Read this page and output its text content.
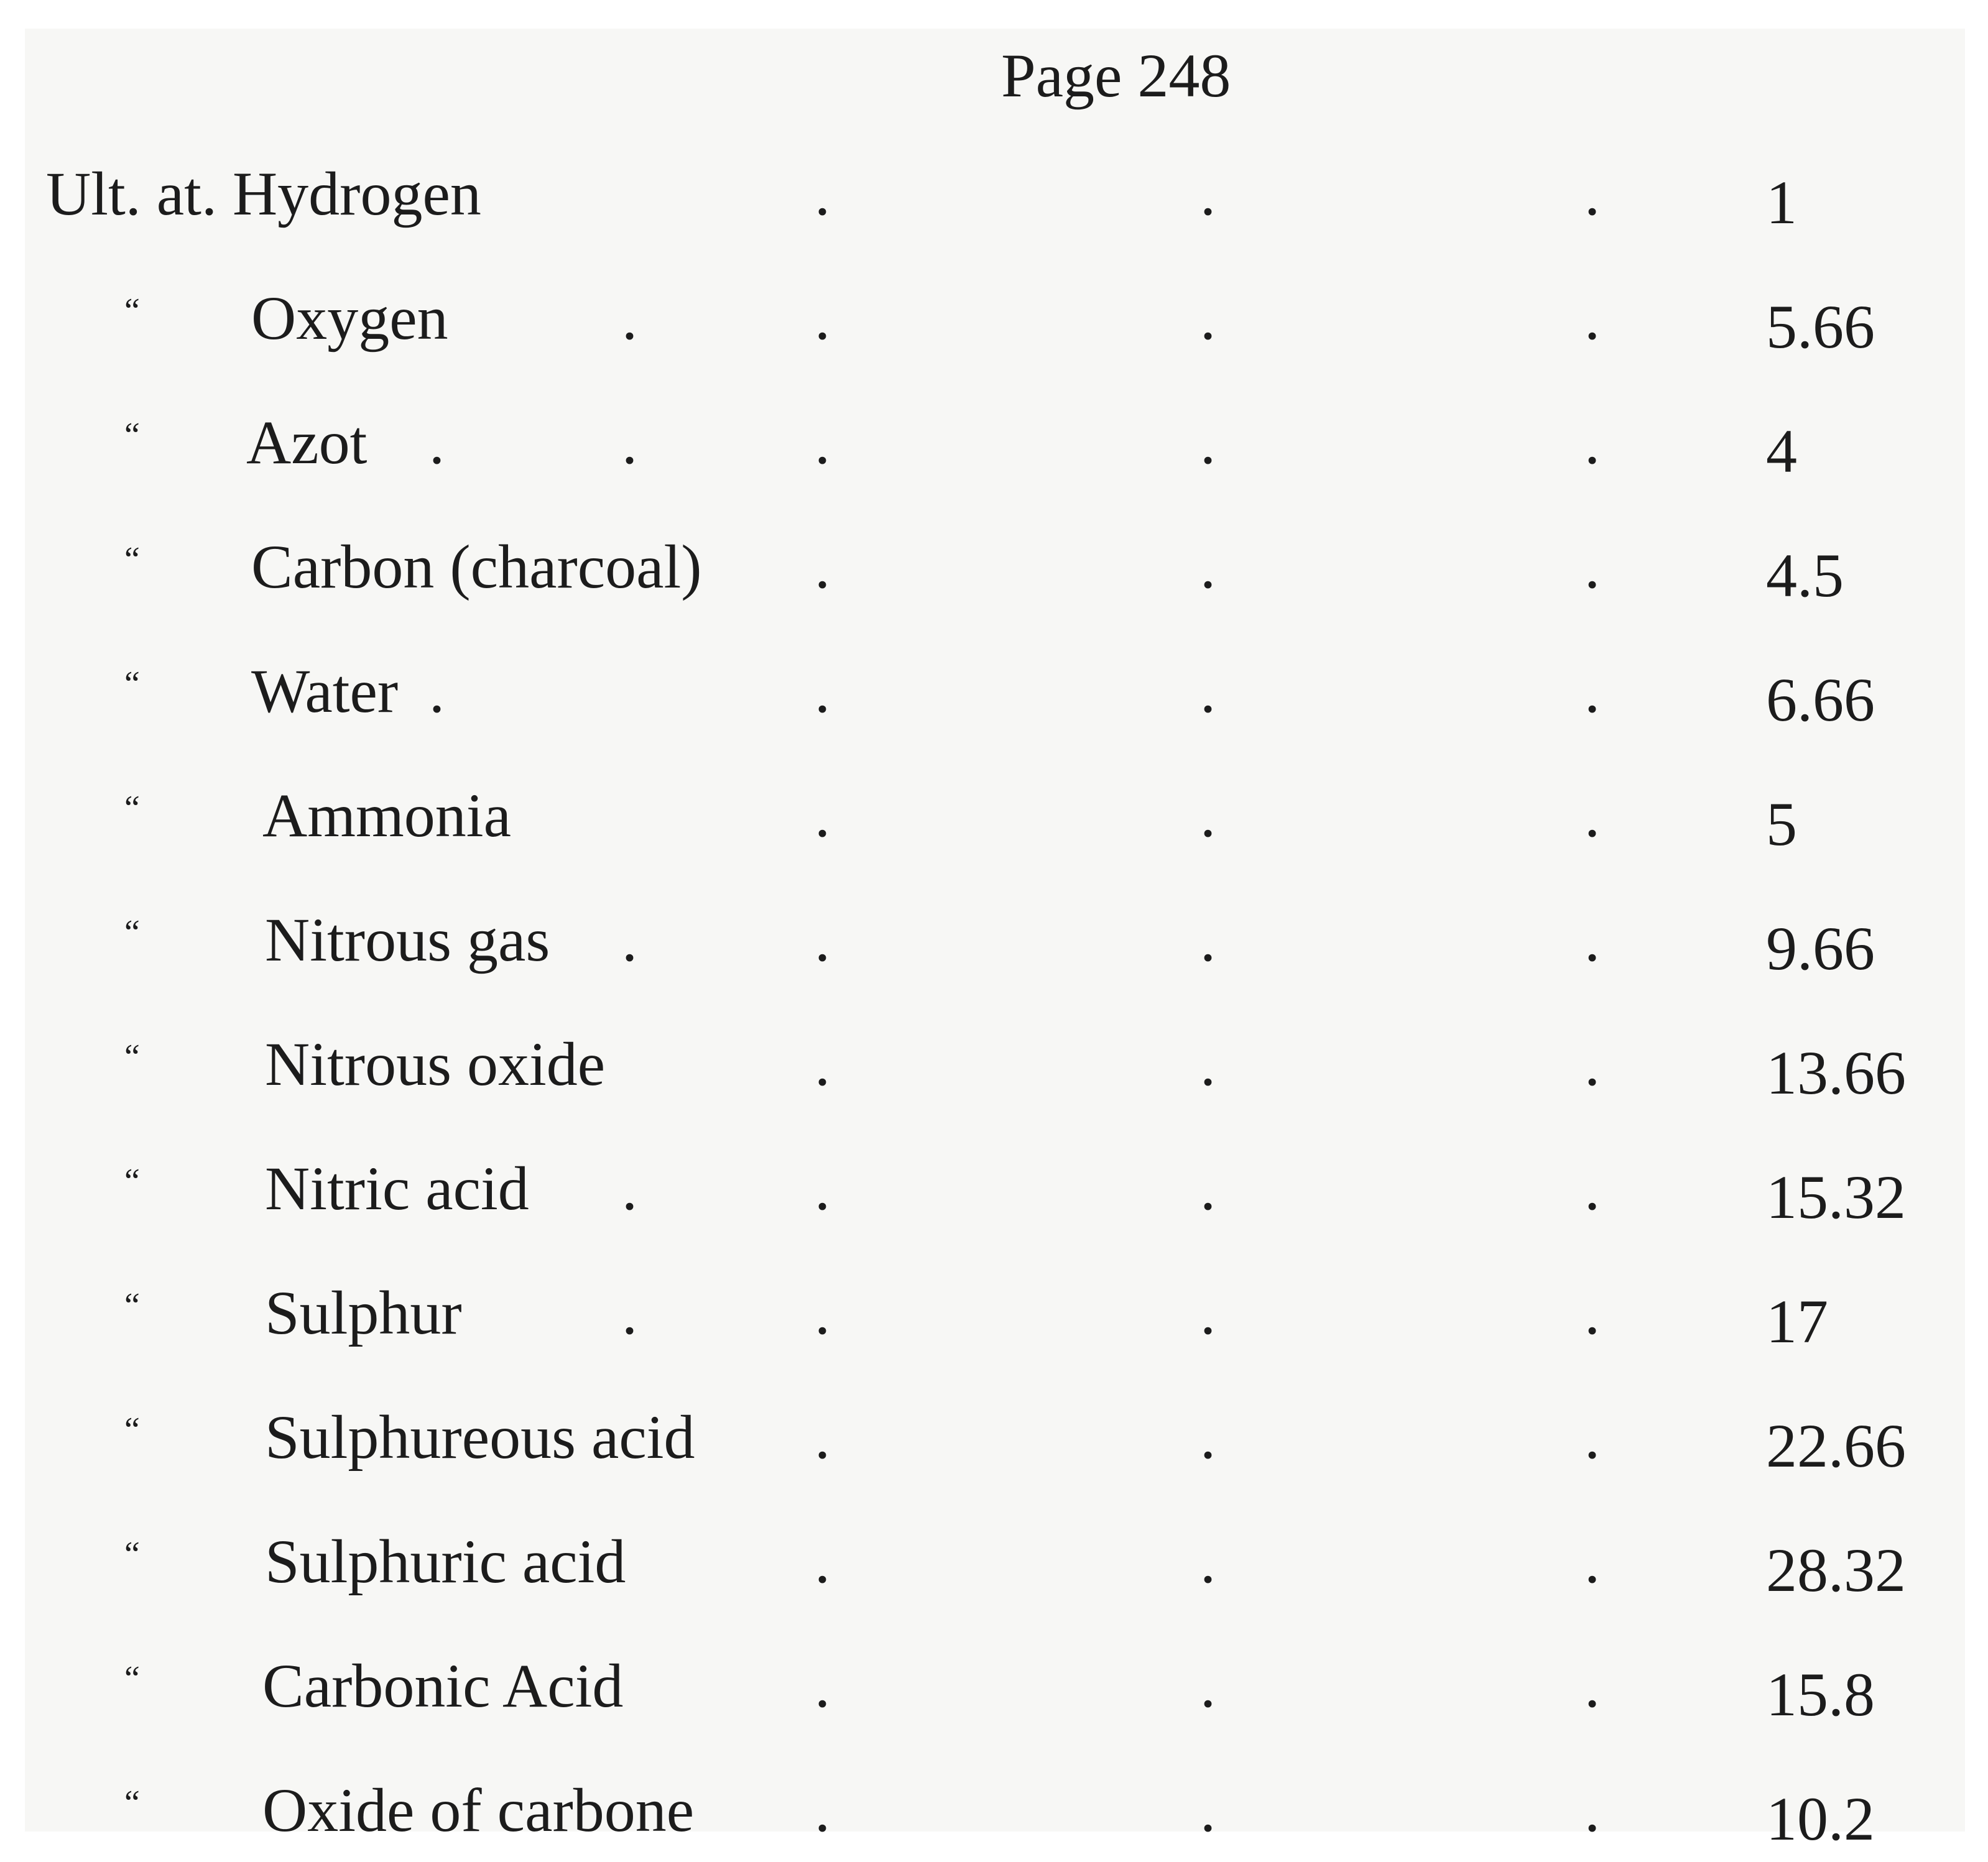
Page 248
Ult. at. Hydrogen	.	.	.	1
“ Oxygen	.	.	.	.	5.66
“ Azot .	.	.	.	.	4
“ Carbon (charcoal) .	.	.	4.5
“ Water .	.	.	.	6.66
“ Ammonia	.	.	.	5
“ Nitrous gas .	.	.	.	9.66
“ Nitrous oxide	.	.	.	13.66
“ Nitric acid .	.	.	.	15.32
“ Sulphur	.	.	.	.	17
“ Sulphureous acid .	.	.	22.66
“ Sulphuric acid	.	.	.	28.32
“ Carbonic Acid	.	.	.	15.8
“ Oxide of carbone .	.	.	10.2
